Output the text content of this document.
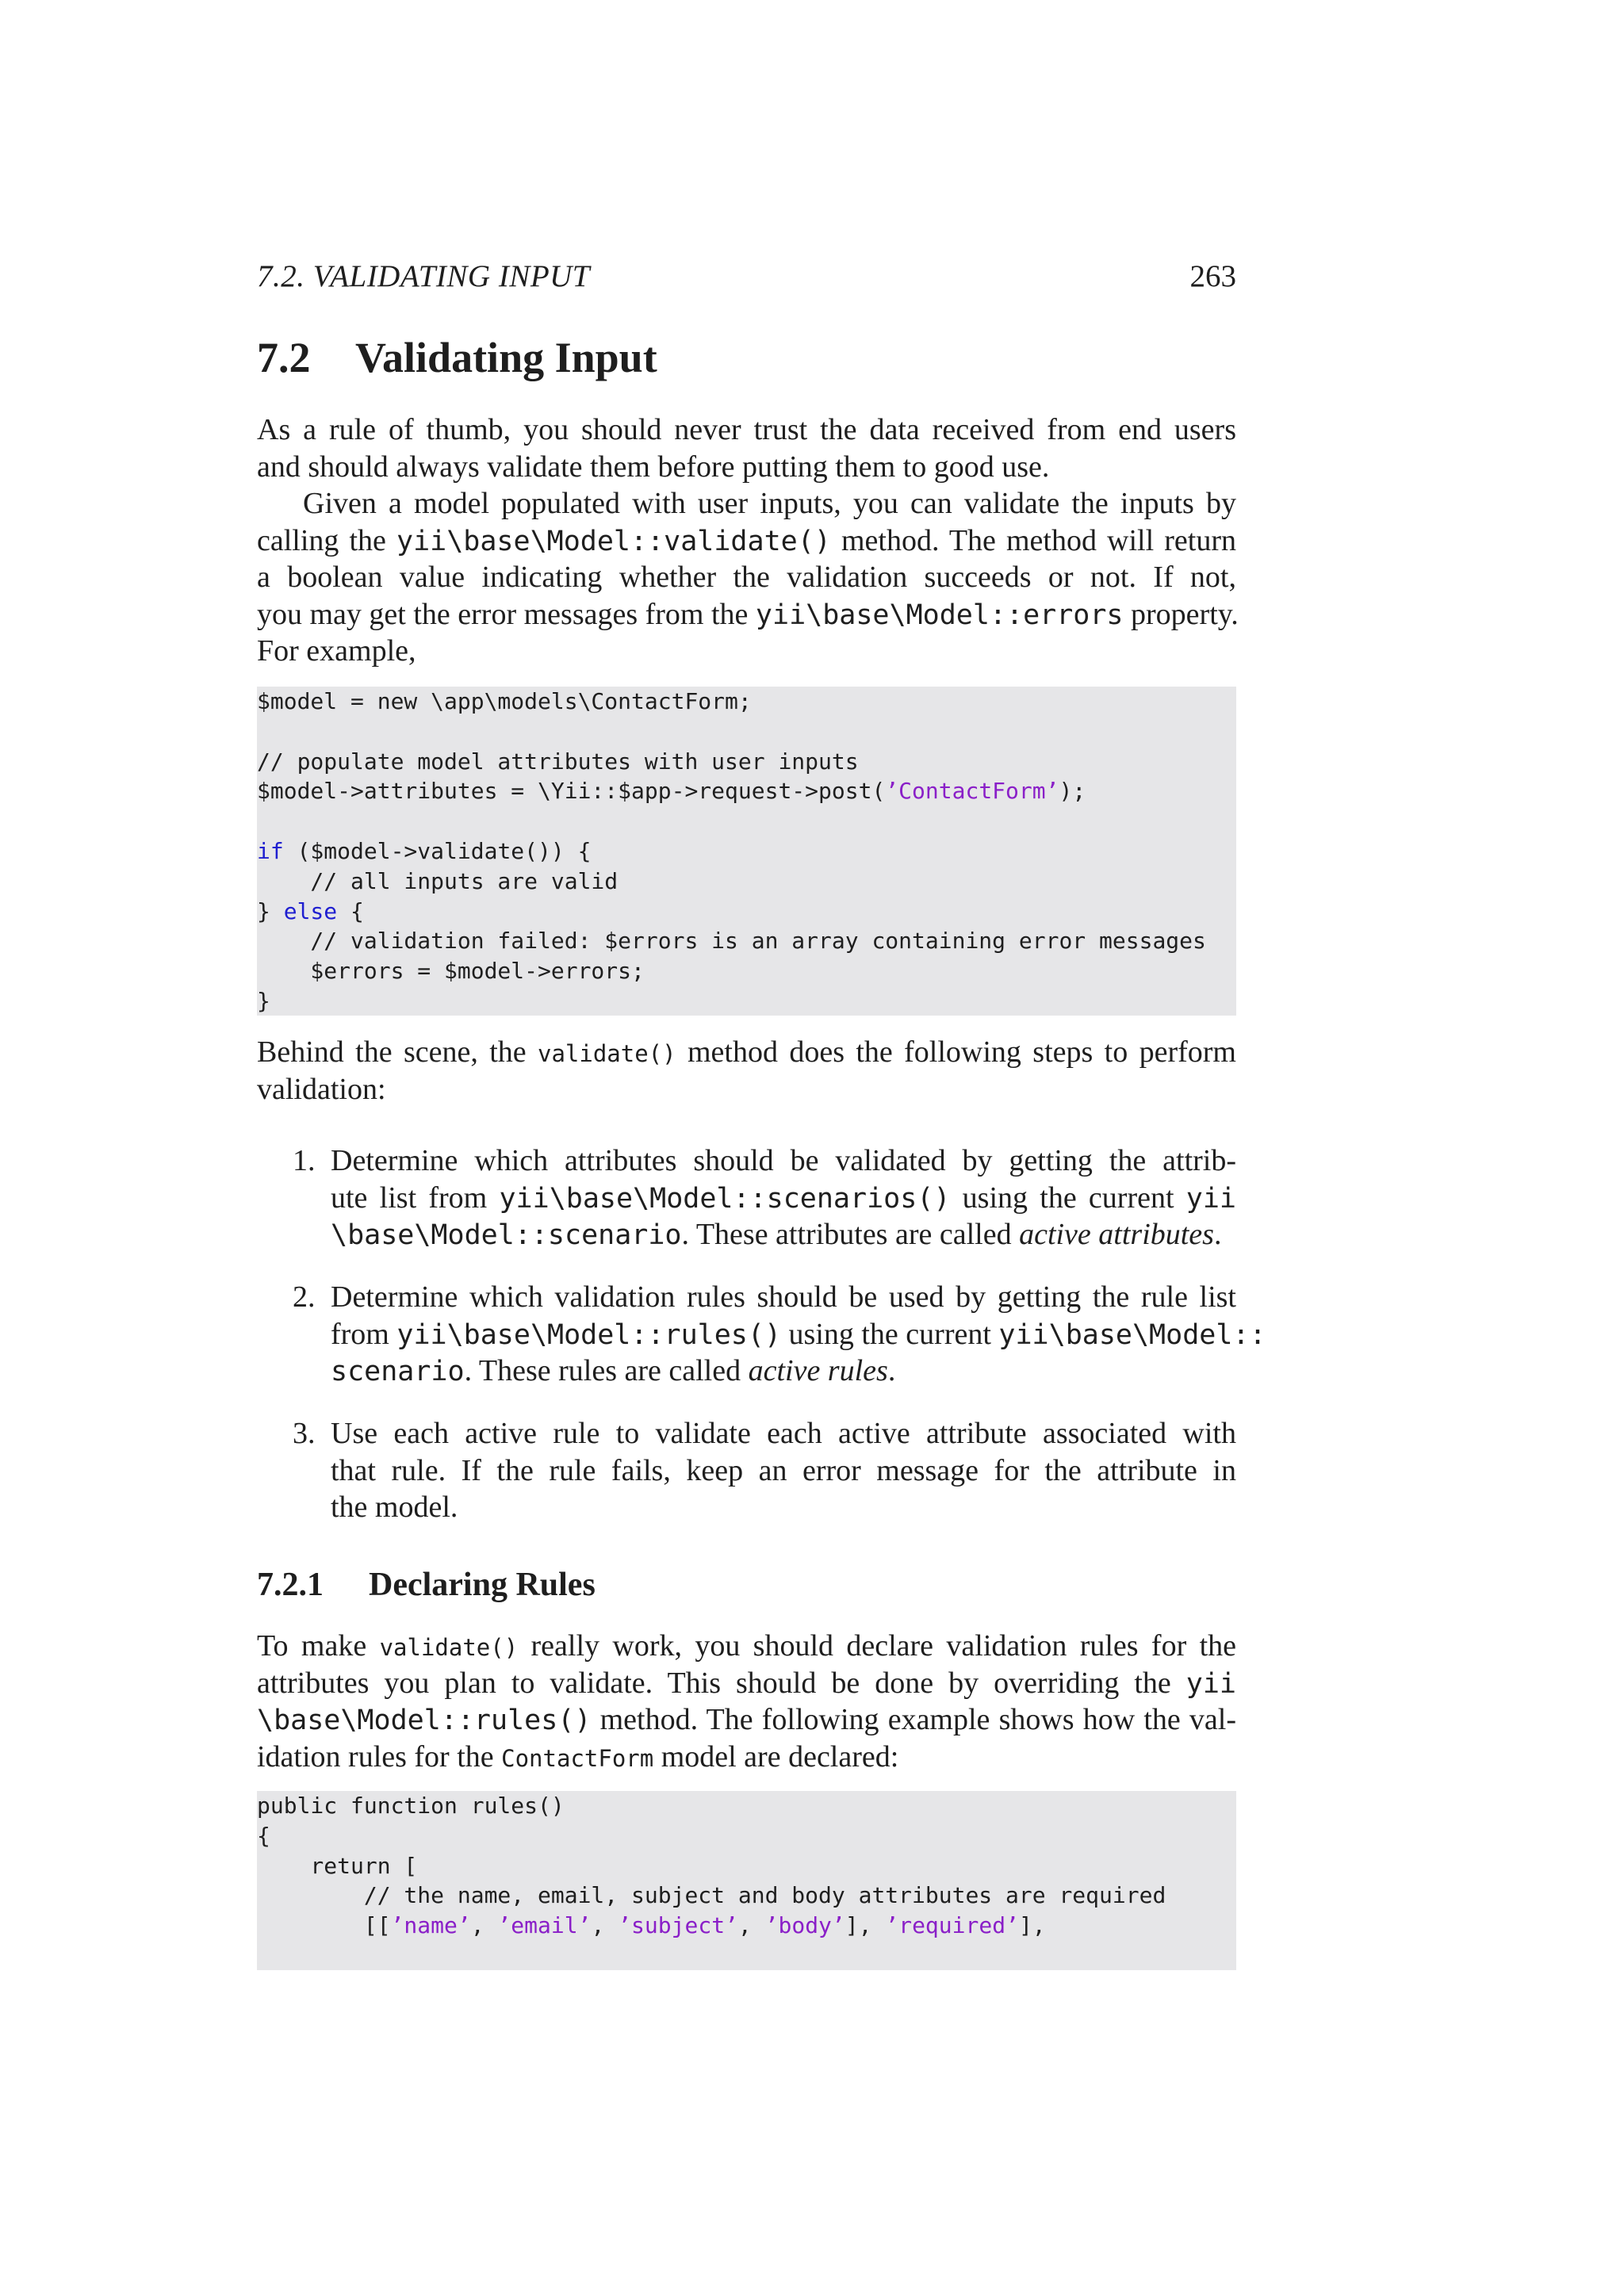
7.2. VALIDATING INPUT	263
7.2 Validating Input
As a rule of thumb, you should never trust the data received from end users
and should always validate them before putting them to good use.
Given a model populated with user inputs, you can validate the inputs by
calling the yii\base\Model::validate() method. The method will return
a boolean value indicating whether the validation succeeds or not. If not,
you may get the error messages from the yii\base\Model::errors property.
For example,
$model = new \app\models\ContactForm;

// populate model attributes with user inputs
$model->attributes = \Yii::$app->request->post(’ContactForm’);

if ($model->validate()) {
// all inputs are valid
} else {
// validation failed: $errors is an array containing error messages
$errors = $model->errors;
}
Behind the scene, the validate() method does the following steps to perform
validation:
1. Determine which attributes should be validated by getting the attrib-
ute list from yii\base\Model::scenarios() using the current yii
\base\Model::scenario. These attributes are called active attributes.
2. Determine which validation rules should be used by getting the rule list
from yii\base\Model::rules() using the current yii\base\Model::
scenario. These rules are called active rules.
3. Use each active rule to validate each active attribute associated with
that rule. If the rule fails, keep an error message for the attribute in
the model.
7.2.1 Declaring Rules
To make validate() really work, you should declare validation rules for the
attributes you plan to validate. This should be done by overriding the yii
\base\Model::rules() method. The following example shows how the val-
idation rules for the ContactForm model are declared:
public function rules()
{
return [
// the name, email, subject and body attributes are required
[[’name’, ’email’, ’subject’, ’body’], ’required’],
